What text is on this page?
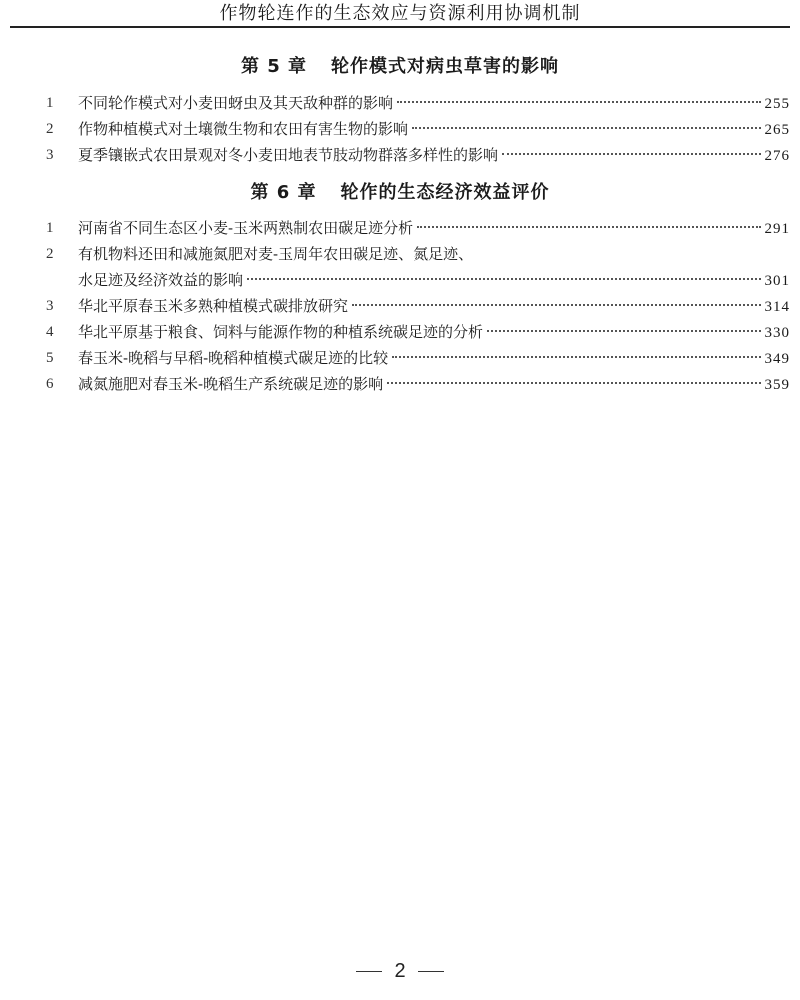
作物轮连作的生态效应与资源利用协调机制
第 5 章 轮作模式对病虫草害的影响
1	不同轮作模式对小麦田蚜虫及其天敌种群的影响	255
2	作物种植模式对土壤微生物和农田有害生物的影响	265
3	夏季镶嵌式农田景观对冬小麦田地表节肢动物群落多样性的影响	276
第 6 章 轮作的生态经济效益评价
1	河南省不同生态区小麦-玉米两熟制农田碳足迹分析	291
2	有机物料还田和减施氮肥对麦-玉周年农田碳足迹、氮足迹、
水足迹及经济效益的影响	301
3	华北平原春玉米多熟种植模式碳排放研究	314
4	华北平原基于粮食、饲料与能源作物的种植系统碳足迹的分析	330
5	春玉米-晚稻与早稻-晚稻种植模式碳足迹的比较	349
6	减氮施肥对春玉米-晚稻生产系统碳足迹的影响	359
2
